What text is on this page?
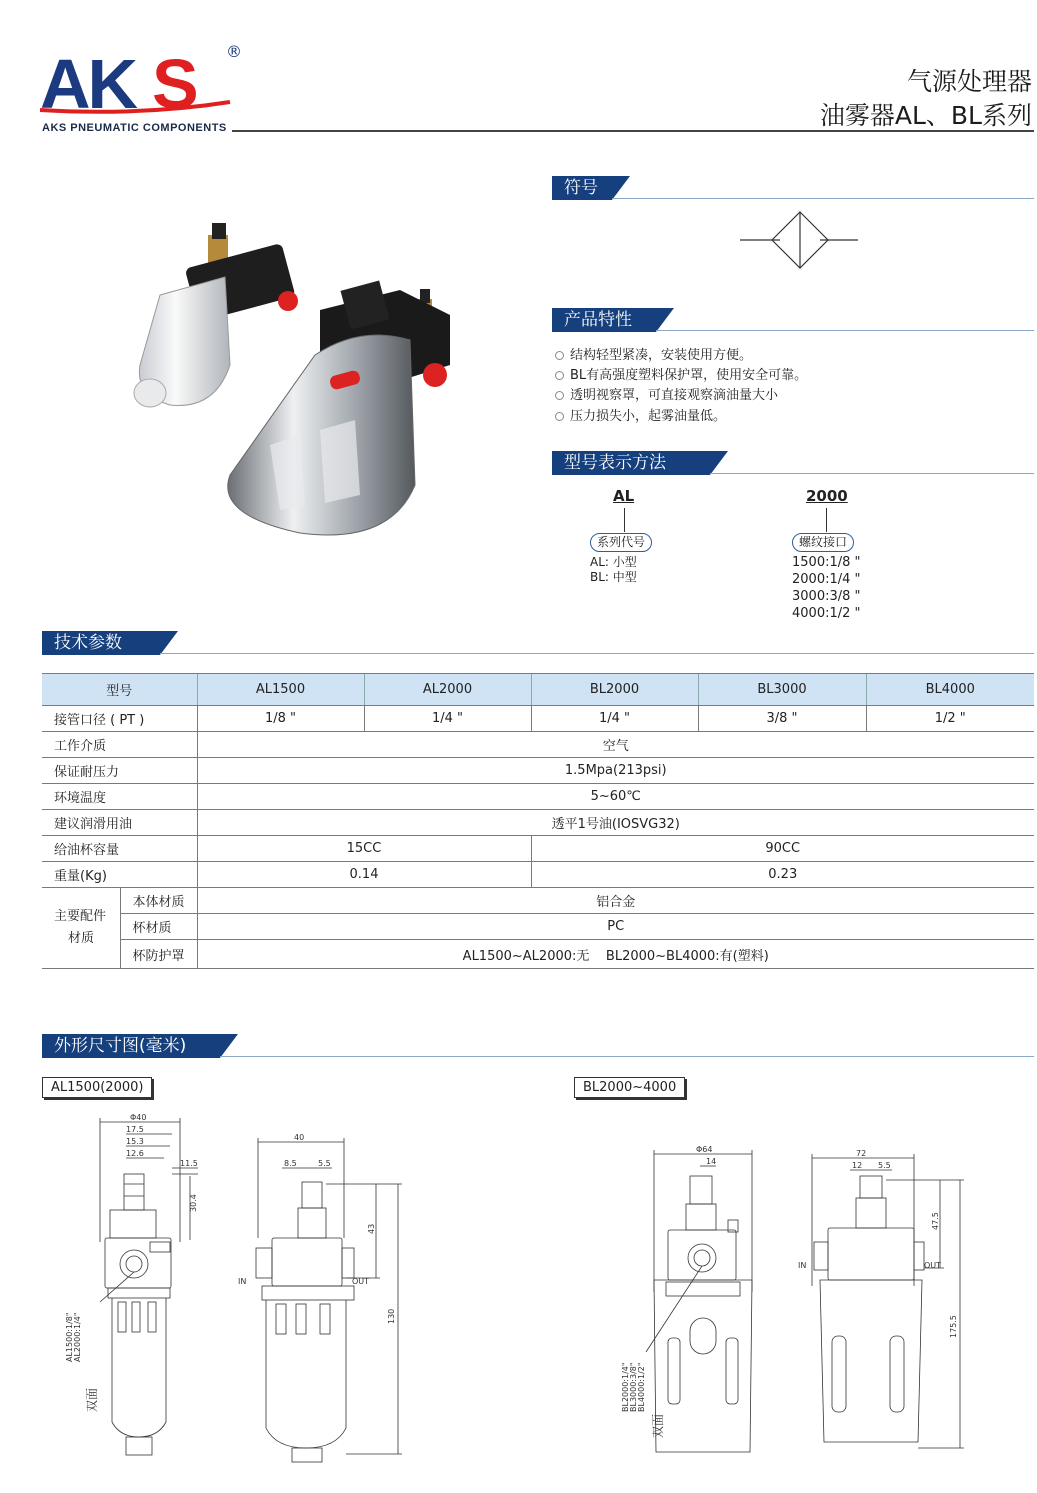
AK S ®
AKS PNEUMATIC COMPONENTS
气源处理器
油雾器AL、BL系列
符号
产品特性
结构轻型紧凑，安装使用方便。
BL有高强度塑料保护罩，使用安全可靠。
透明视察罩，可直接观察滴油量大小
压力损失小，起雾油量低。
型号表示方法
AL
系列代号
AL: 小型
BL: 中型
2000
螺纹接口
1500:1/8 "
2000:1/4 "
3000:3/8 "
4000:1/2 "
技术参数
型号		AL1500	AL2000	BL2000	BL3000	BL4000
接管口径 ( PT )		1/8 "	1/4 "	1/4 "	3/8 "	1/2 "
工作介质		空气				
保证耐压力		1.5Mpa(213psi)				
环境温度		5~60℃				
建议润滑用油		透平1号油(IOSVG32)				
给油杯容量		15CC		90CC		
重量(Kg)		0.14		0.23		

主要配件
材质	本体材质	铝合金				
	杯材质	PC				
	杯防护罩	AL1500~AL2000:无    BL2000~BL4000:有(塑料)				
外形尺寸图(毫米)
AL1500(2000)	BL2000~4000
Φ40
17.5
15.3
12.6
11.5
30.4
AL1500:1/8" AL2000:1/4"
双面
40
8.5	5.5
43
130
IN	OUT
Φ64
14
BL2000:1/4" BL3000:3/8" BL4000:1/2"
双面
72
12 5.5
47.5
175.5
IN	OUT
